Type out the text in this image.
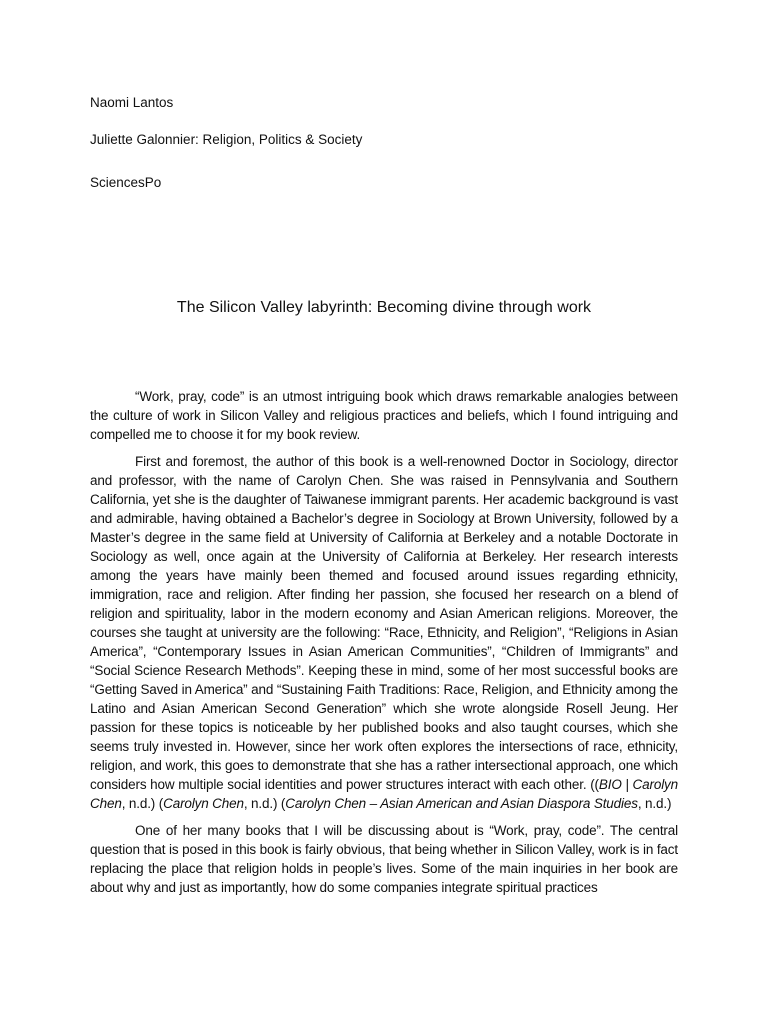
Naomi Lantos
Juliette Galonnier: Religion, Politics & Society
SciencesPo
The Silicon Valley labyrinth: Becoming divine through work

“Work, pray, code” is an utmost intriguing book which draws remarkable analogies between the culture of work in Silicon Valley and religious practices and beliefs, which I found intriguing and compelled me to choose it for my book review.

First and foremost, the author of this book is a well-renowned Doctor in Sociology, director and professor, with the name of Carolyn Chen. She was raised in Pennsylvania and Southern California, yet she is the daughter of Taiwanese immigrant parents. Her academic background is vast and admirable, having obtained a Bachelor’s degree in Sociology at Brown University, followed by a Master’s degree in the same field at University of California at Berkeley and a notable Doctorate in Sociology as well, once again at the University of California at Berkeley. Her research interests among the years have mainly been themed and focused around issues regarding ethnicity, immigration, race and religion. After finding her passion, she focused her research on a blend of religion and spirituality, labor in the modern economy and Asian American religions. Moreover, the courses she taught at university are the following: “Race, Ethnicity, and Religion”, “Religions in Asian America”, “Contemporary Issues in Asian American Communities”, “Children of Immigrants” and “Social Science Research Methods”. Keeping these in mind, some of her most successful books are “Getting Saved in America” and “Sustaining Faith Traditions: Race, Religion, and Ethnicity among the Latino and Asian American Second Generation” which she wrote alongside Rosell Jeung. Her passion for these topics is noticeable by her published books and also taught courses, which she seems truly invested in. However, since her work often explores the intersections of race, ethnicity, religion, and work, this goes to demonstrate that she has a rather intersectional approach, one which considers how multiple social identities and power structures interact with each other. ((BIO | Carolyn Chen, n.d.) (Carolyn Chen, n.d.) (Carolyn Chen – Asian American and Asian Diaspora Studies, n.d.)

One of her many books that I will be discussing about is “Work, pray, code”. The central question that is posed in this book is fairly obvious, that being whether in Silicon Valley, work is in fact replacing the place that religion holds in people’s lives. Some of the main inquiries in her book are about why and just as importantly, how do some companies integrate spiritual practices
